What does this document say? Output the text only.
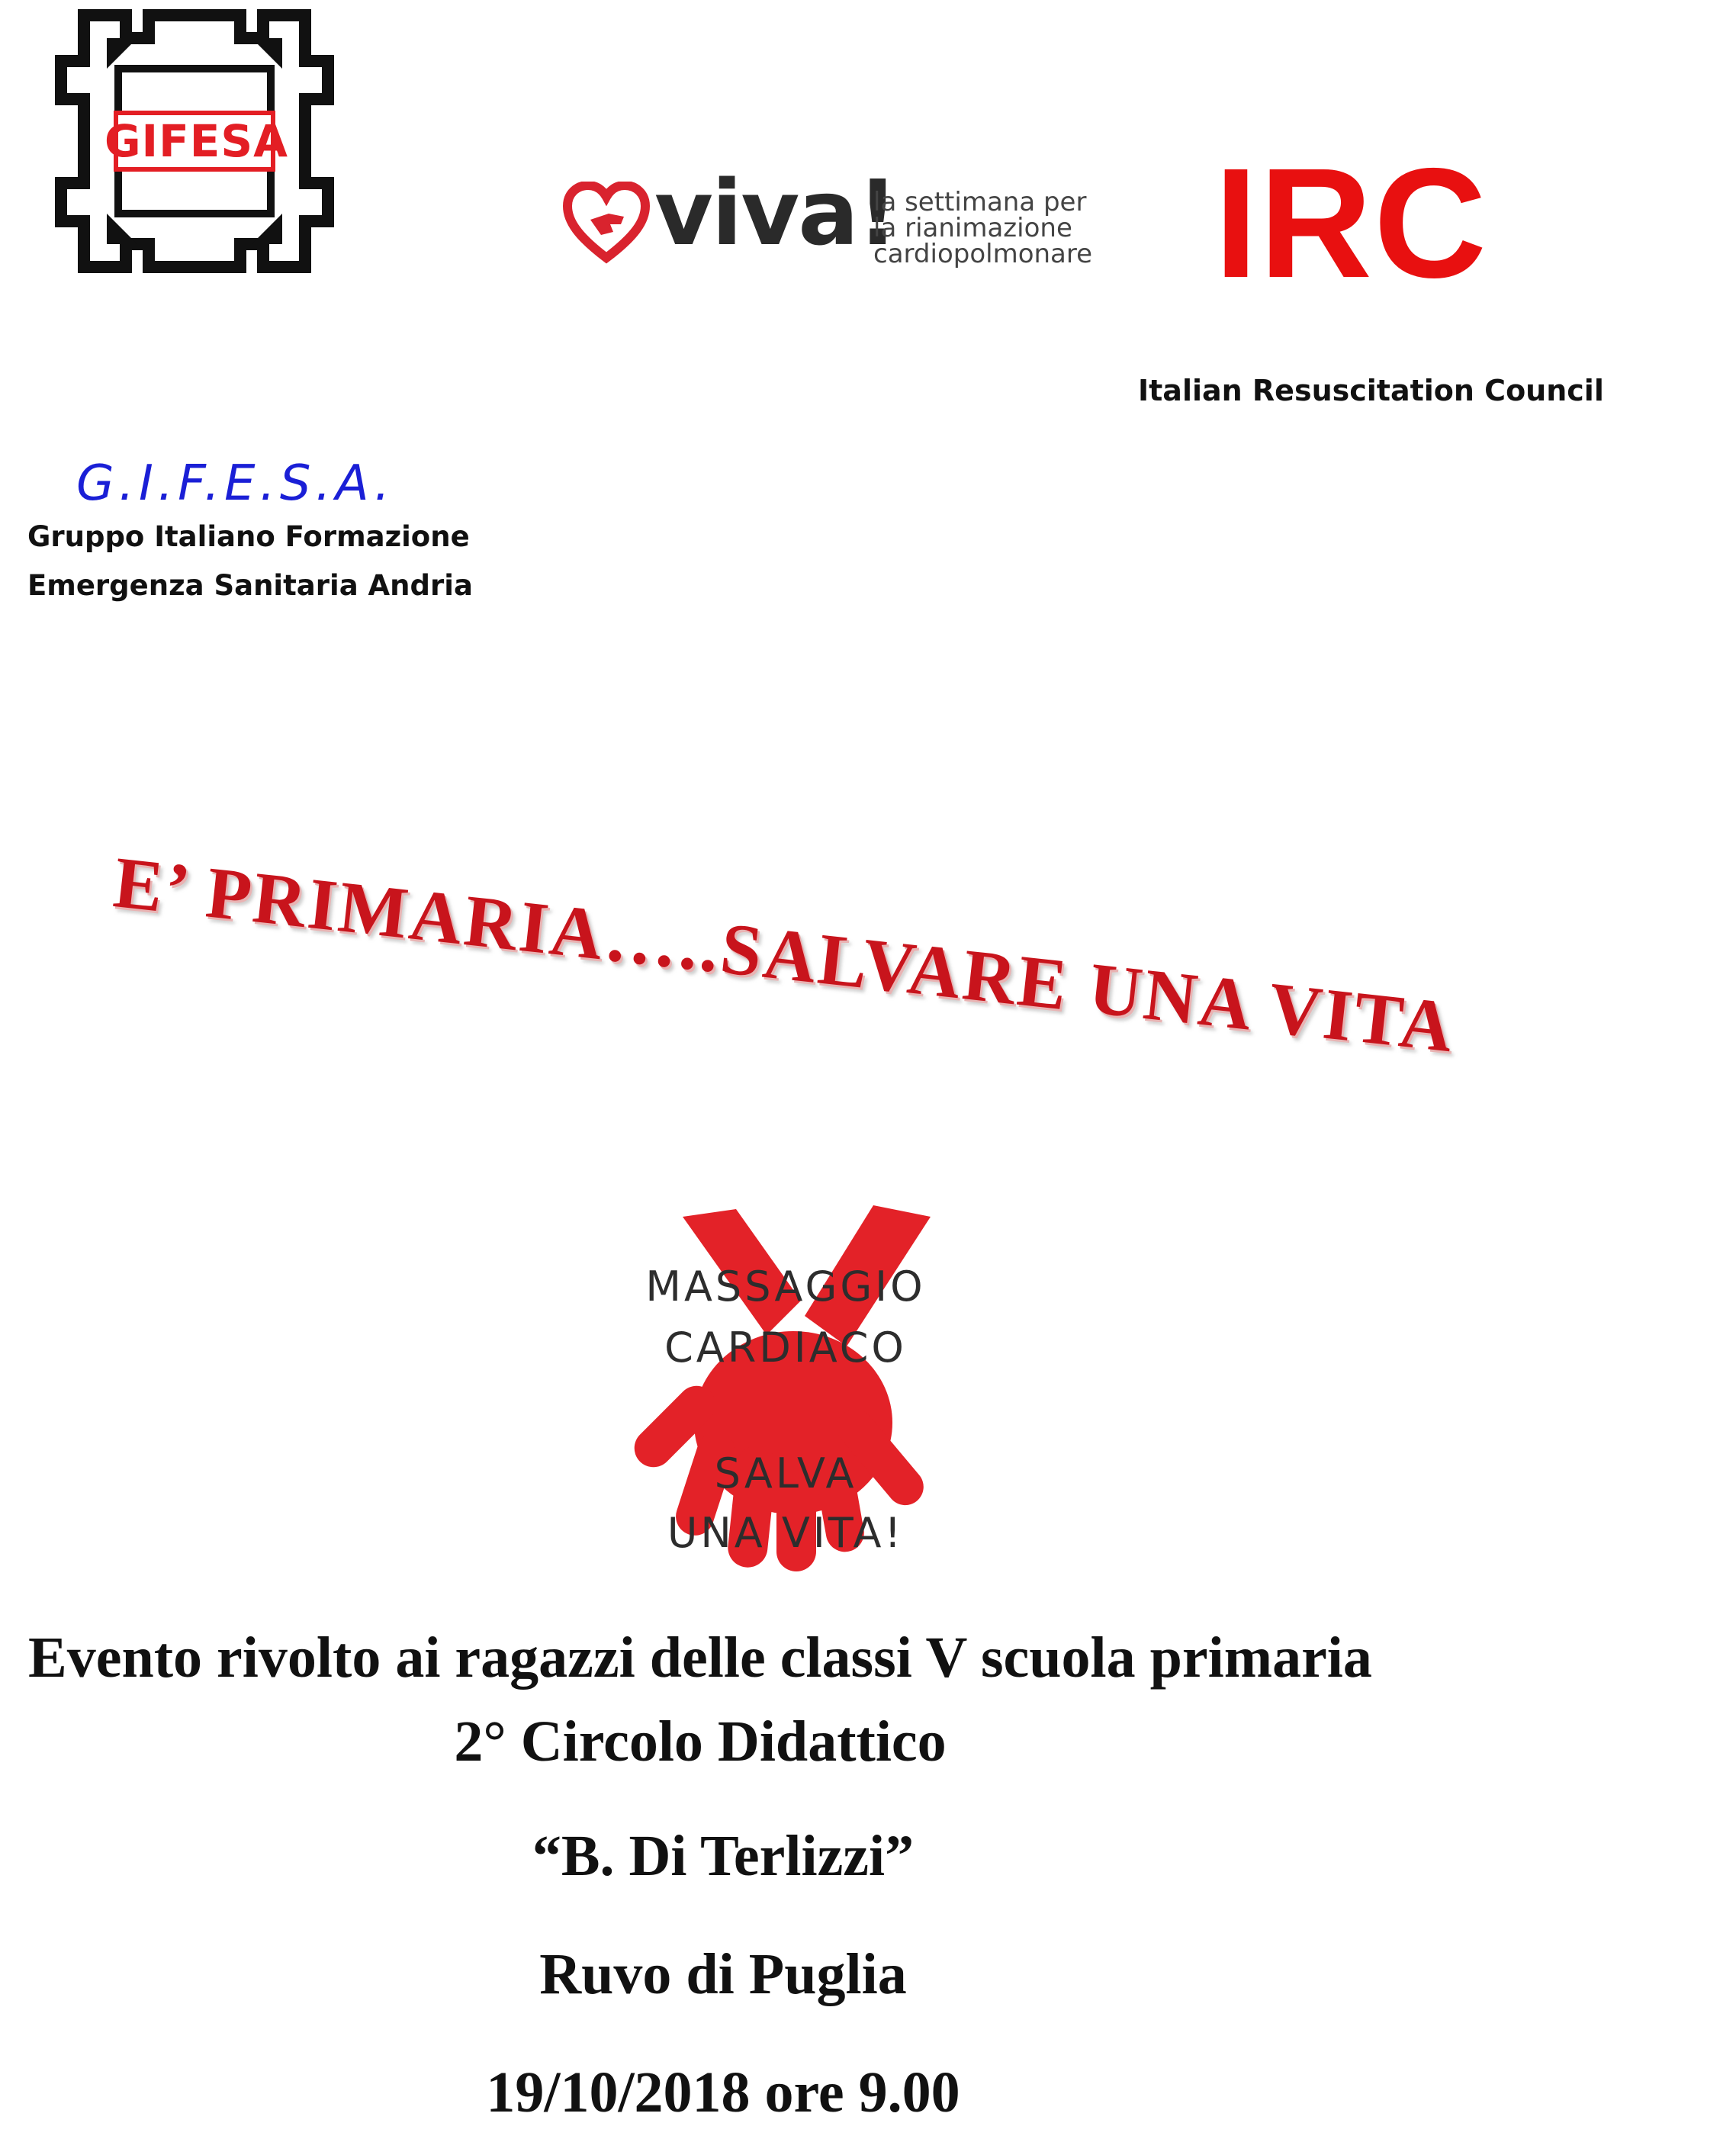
GIFESA
viva!
la settimana per
la rianimazione
cardiopolmonare IRC
Italian Resuscitation Council
G.I.F.E.S.A.
Gruppo Italiano Formazione
Emergenza Sanitaria Andria
E’ PRIMARIA…..SALVARE UNA VITA
MASSAGGIO
CARDIACO
SALVA
UNA VITA!
Evento rivolto ai ragazzi delle classi V scuola primaria
2° Circolo Didattico
“B. Di Terlizzi”
Ruvo di Puglia
19/10/2018 ore 9.00
